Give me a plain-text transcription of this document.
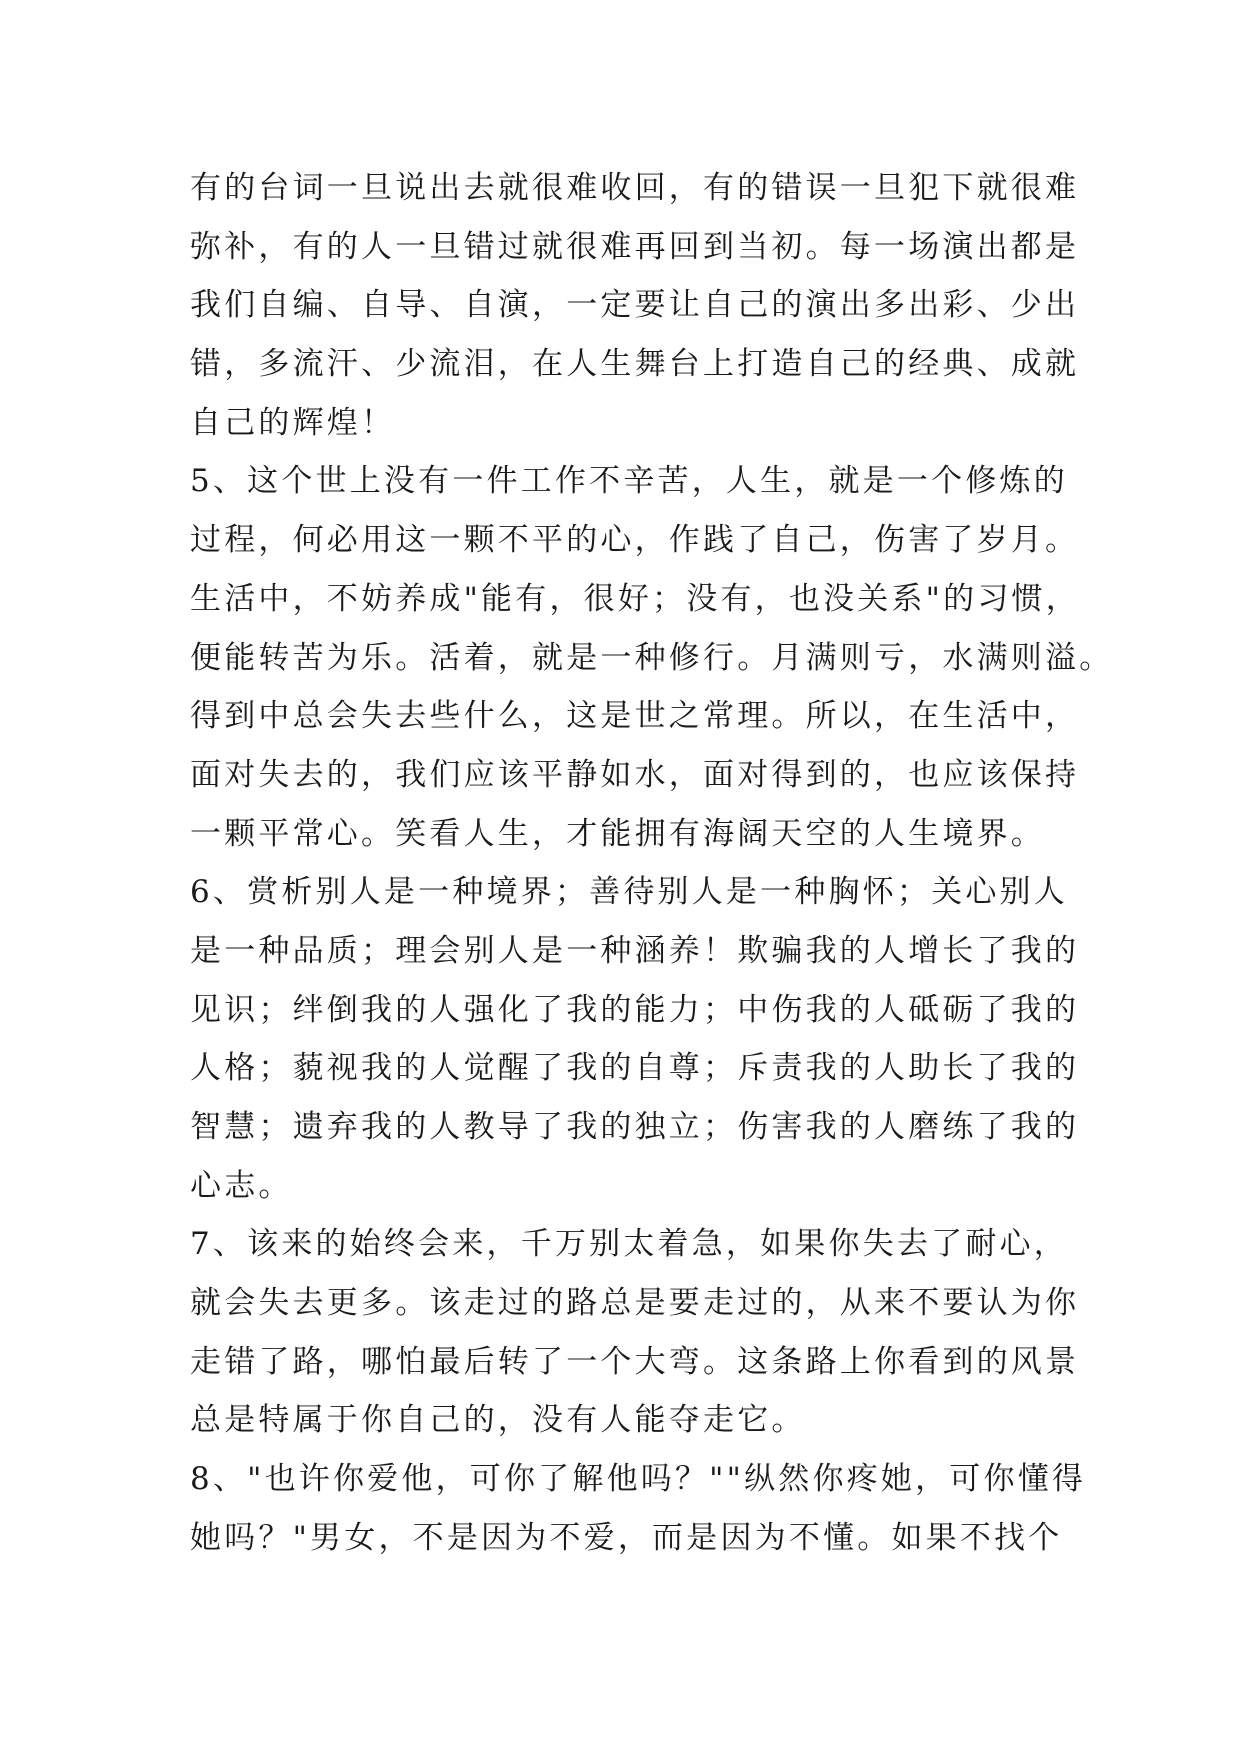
有的台词一旦说出去就很难收回，有的错误一旦犯下就很难
弥补，有的人一旦错过就很难再回到当初。每一场演出都是
我们自编、自导、自演，一定要让自己的演出多出彩、少出
错，多流汗、少流泪，在人生舞台上打造自己的经典、成就
自己的辉煌！
5、这个世上没有一件工作不辛苦，人生，就是一个修炼的
过程，何必用这一颗不平的心，作践了自己，伤害了岁月。
生活中，不妨养成"能有，很好；没有，也没关系"的习惯，
便能转苦为乐。活着，就是一种修行。月满则亏，水满则溢。
得到中总会失去些什么，这是世之常理。所以，在生活中，
面对失去的，我们应该平静如水，面对得到的，也应该保持
一颗平常心。笑看人生，才能拥有海阔天空的人生境界。
6、赏析别人是一种境界；善待别人是一种胸怀；关心别人
是一种品质；理会别人是一种涵养！欺骗我的人增长了我的
见识；绊倒我的人强化了我的能力；中伤我的人砥砺了我的
人格；藐视我的人觉醒了我的自尊；斥责我的人助长了我的
智慧；遗弃我的人教导了我的独立；伤害我的人磨练了我的
心志。
7、该来的始终会来，千万别太着急，如果你失去了耐心，
就会失去更多。该走过的路总是要走过的，从来不要认为你
走错了路，哪怕最后转了一个大弯。这条路上你看到的风景
总是特属于你自己的，没有人能夺走它。
8、"也许你爱他，可你了解他吗？""纵然你疼她，可你懂得
她吗？"男女，不是因为不爱，而是因为不懂。如果不找个
